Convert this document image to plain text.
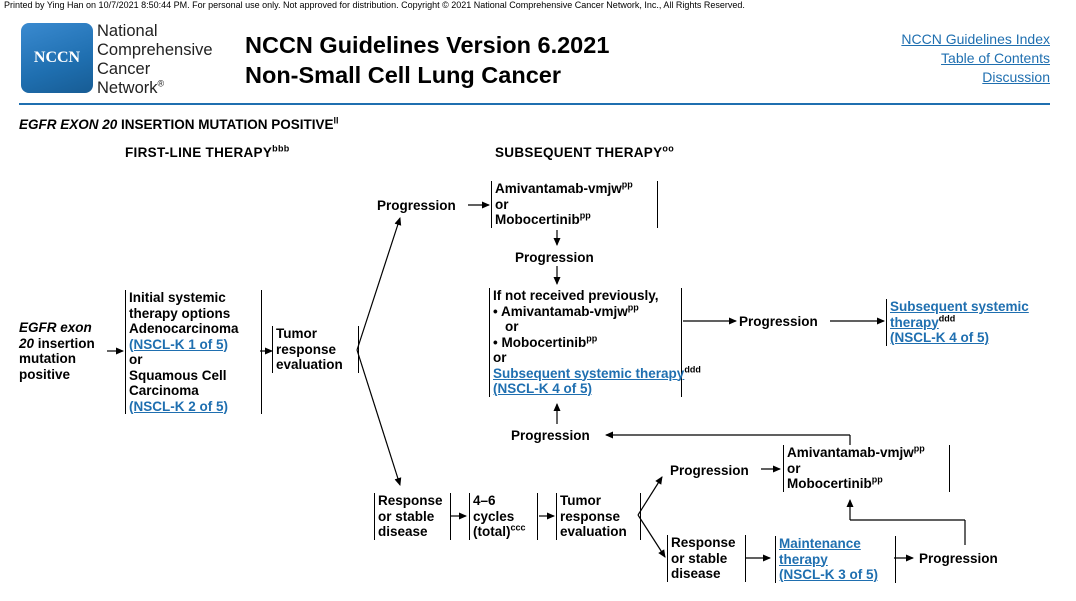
Printed by Ying Han on 10/7/2021 8:50:44 PM. For personal use only. Not approved for distribution. Copyright © 2021 National Comprehensive Cancer Network, Inc., All Rights Reserved.
NCCN
National
Comprehensive
Cancer
Network®
NCCN Guidelines Version 6.2021
Non-Small Cell Lung Cancer
NCCN Guidelines Index
Table of Contents
Discussion
EGFR EXON 20 INSERTION MUTATION $POSITIVE^{ll}$
FIRST-LINE $THERAPY^{bbb}$	SUBSEQUENT $THERAPY^{oo}$
EGFR exon 20 insertion mutation positive
Initial systemic therapy options
Adenocarcinoma
(NSCL-K 1 of 5)
or
Squamous Cell Carcinoma
(NSCL-K 2 of 5)
Tumor response evaluation
Progression
Amivantamab-vmjw$^{pp}$
or
Mobocertinib$^{pp}$
Progression
If not received previously,
• Amivantamab-vmjw$^{pp}$
or
• Mobocertinib$^{pp}$
or
Subsequent systemic therapy$^{ddd}$
(NSCL-K 4 of 5)
Progression
Subsequent systemic
therapy$^{ddd}$
(NSCL-K 4 of 5)
Progression
Response or stable disease
4–6 cycles (total)$^{ccc}$
Tumor response evaluation
Progression
Amivantamab-vmjw$^{pp}$
or
Mobocertinib$^{pp}$
Response or stable disease
Maintenance
therapy
(NSCL-K 3 of 5)
Progression
